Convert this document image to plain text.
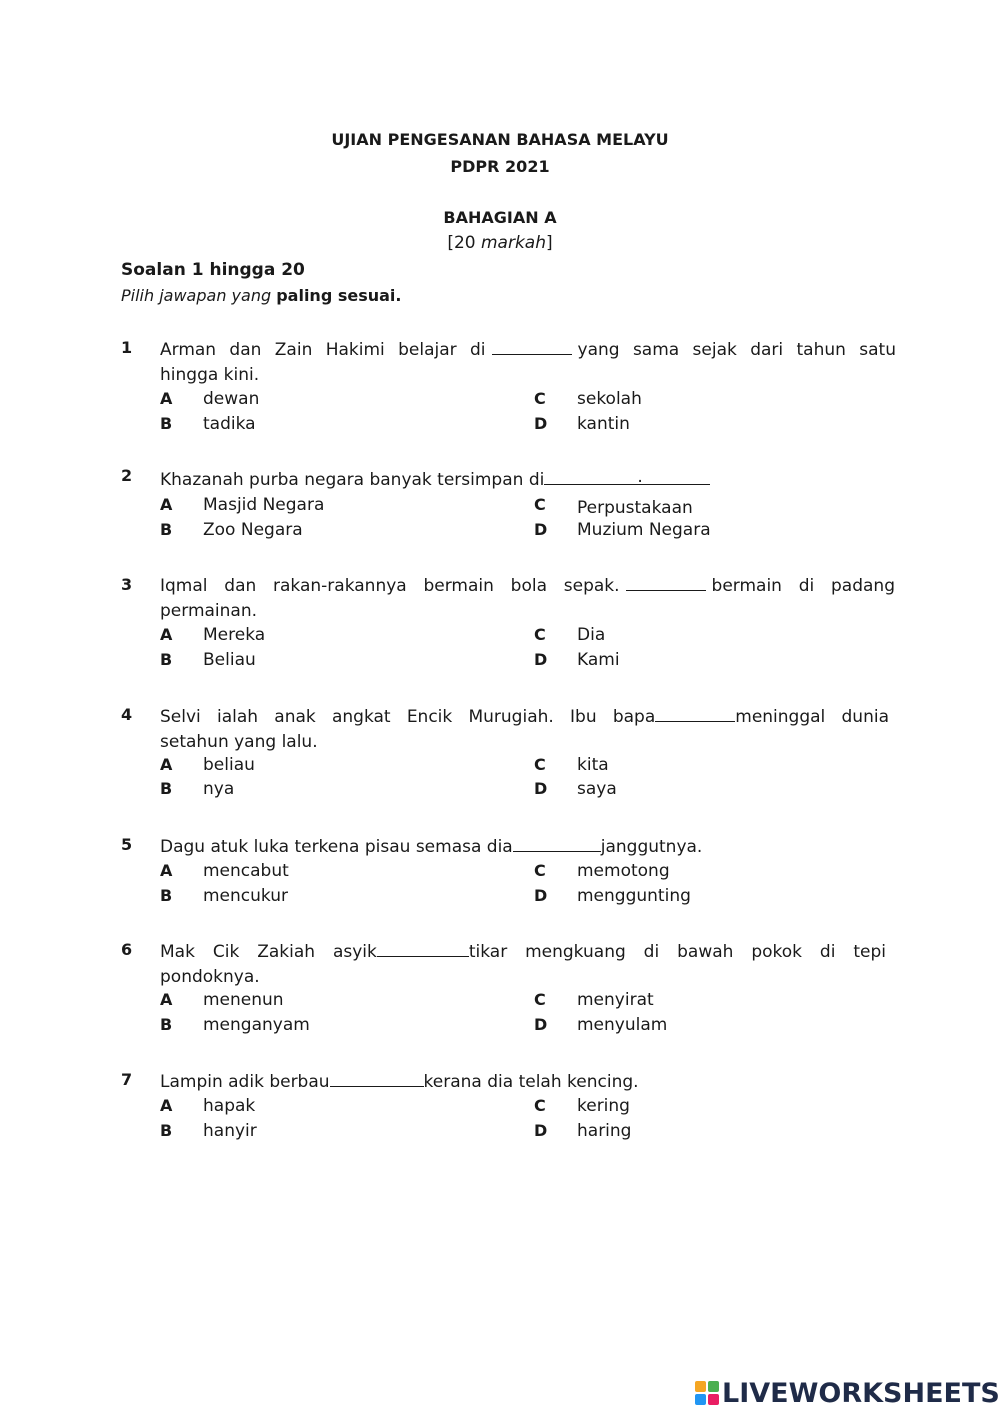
UJIAN PENGESANAN BAHASA MELAYU
PDPR 2021
BAHAGIAN A
[20 markah]
Soalan 1 hingga 20
Pilih jawapan yang paling sesuai.
1 Arman dan Zain Hakimi belajar di	yang sama sejak dari tahun satu
hingga kini.
A dewan	C sekolah
B tadika	D kantin
2 Khazanah purba negara banyak tersimpan di	.
A Masjid Negara	C Perpustakaan
B Zoo Negara	D Muzium Negara
3 Iqmal dan rakan-rakannya bermain bola sepak.	bermain di padang
permainan.
A Mereka	C Dia
B Beliau	D Kami
4 Selvi ialah anak angkat Encik Murugiah. Ibu bapa	meninggal dunia
setahun yang lalu.
A beliau	C kita
B nya	D saya
5 Dagu atuk luka terkena pisau semasa dia	janggutnya.
A mencabut	C memotong
B mencukur	D menggunting
6 Mak Cik Zakiah asyik	tikar mengkuang di bawah pokok di tepi
pondoknya.
A menenun	C menyirat
B menganyam	D menyulam
7 Lampin adik berbau	kerana dia telah kencing.
A hapak	C kering
B hanyir	D haring
LIVEWORKSHEETS
